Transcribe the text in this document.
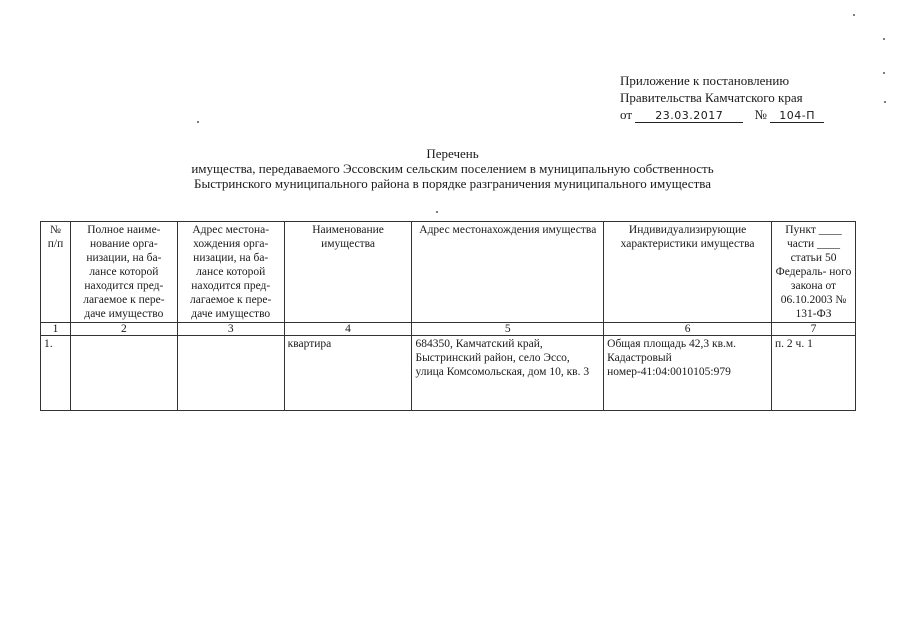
Приложение к постановлению
Правительства Камчатского края
от 23.03.2017 № 104-П
Перечень
имущества, передаваемого Эссовским сельским поселением в муниципальную собственность
Быстринского муниципального района в порядке разграничения муниципального имущества
№ п/п	Полное наиме- нование орга- низации, на ба- лансе которой находится пред- лагаемое к пере- даче имущество	Адрес местона- хождения орга- низации, на ба- лансе которой находится пред- лагаемое к пере- даче имущество	Наименование имущества	Адрес местонахождения имущества	Индивидуализирующие характеристики имущества	Пункт ____ части ____ статьи 50 Федераль- ного закона от 06.10.2003 № 131-ФЗ
1	2	3	4	5	6	7
1.			квартира	684350, Камчатский край, Быстринский район, село Эссо, улица Комсомольская, дом 10, кв. 3	Общая площадь 42,3 кв.м. Кадастровый номер-41:04:0010105:979	п. 2 ч. 1
